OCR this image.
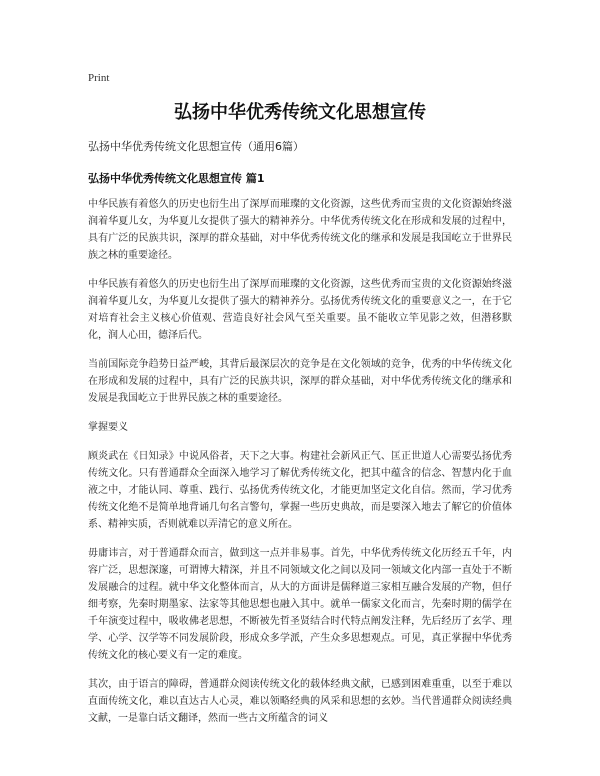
Print
弘扬中华优秀传统文化思想宣传
弘扬中华优秀传统文化思想宣传（通用6篇）
弘扬中华优秀传统文化思想宣传 篇1

中华民族有着悠久的历史也衍生出了深厚而璀璨的文化资源，这些优秀而宝贵的文化资源始终滋润着华夏儿女，为华夏儿女提供了强大的精神养分。中华优秀传统文化在形成和发展的过程中，具有广泛的民族共识，深厚的群众基础，对中华优秀传统文化的继承和发展是我国屹立于世界民族之林的重要途径。

中华民族有着悠久的历史也衍生出了深厚而璀璨的文化资源，这些优秀而宝贵的文化资源始终滋润着华夏儿女，为华夏儿女提供了强大的精神养分。弘扬优秀传统文化的重要意义之一，在于它对培育社会主义核心价值观、营造良好社会风气至关重要。虽不能收立竿见影之效，但潜移默化，润人心田，德泽后代。

当前国际竞争趋势日益严峻，其背后最深层次的竞争是在文化领域的竞争，优秀的中华传统文化在形成和发展的过程中，具有广泛的民族共识，深厚的群众基础，对中华优秀传统文化的继承和发展是我国屹立于世界民族之林的重要途径。

掌握要义

顾炎武在《日知录》中说风俗者，天下之大事。构建社会新风正气、匡正世道人心需要弘扬优秀传统文化。只有普通群众全面深入地学习了解优秀传统文化，把其中蕴含的信念、智慧内化于血液之中，才能认同、尊重、践行、弘扬优秀传统文化，才能更加坚定文化自信。然而，学习优秀传统文化绝不是简单地背诵几句名言警句，掌握一些历史典故，而是要深入地去了解它的价值体系、精神实质，否则就难以弄清它的意义所在。

毋庸讳言，对于普通群众而言，做到这一点并非易事。首先，中华优秀传统文化历经五千年，内容广泛，思想深邃，可谓博大精深，并且不同领域文化之间以及同一领域文化内部一直处于不断发展融合的过程。就中华文化整体而言，从大的方面讲是儒释道三家相互融合发展的产物，但仔细考察，先秦时期墨家、法家等其他思想也融入其中。就单一儒家文化而言，先秦时期的儒学在千年演变过程中，吸收佛老思想，不断被先哲圣贤结合时代特点阐发注释，先后经历了玄学、理学、心学、汉学等不同发展阶段，形成众多学派，产生众多思想观点。可见，真正掌握中华优秀传统文化的核心要义有一定的难度。

其次，由于语言的障碍，普通群众阅读传统文化的载体经典文献，已感到困难重重，以至于难以直面传统文化，难以直达古人心灵，难以领略经典的风采和思想的玄妙。当代普通群众阅读经典文献，一是靠白话文翻译，然而一些古文所蕴含的词义
